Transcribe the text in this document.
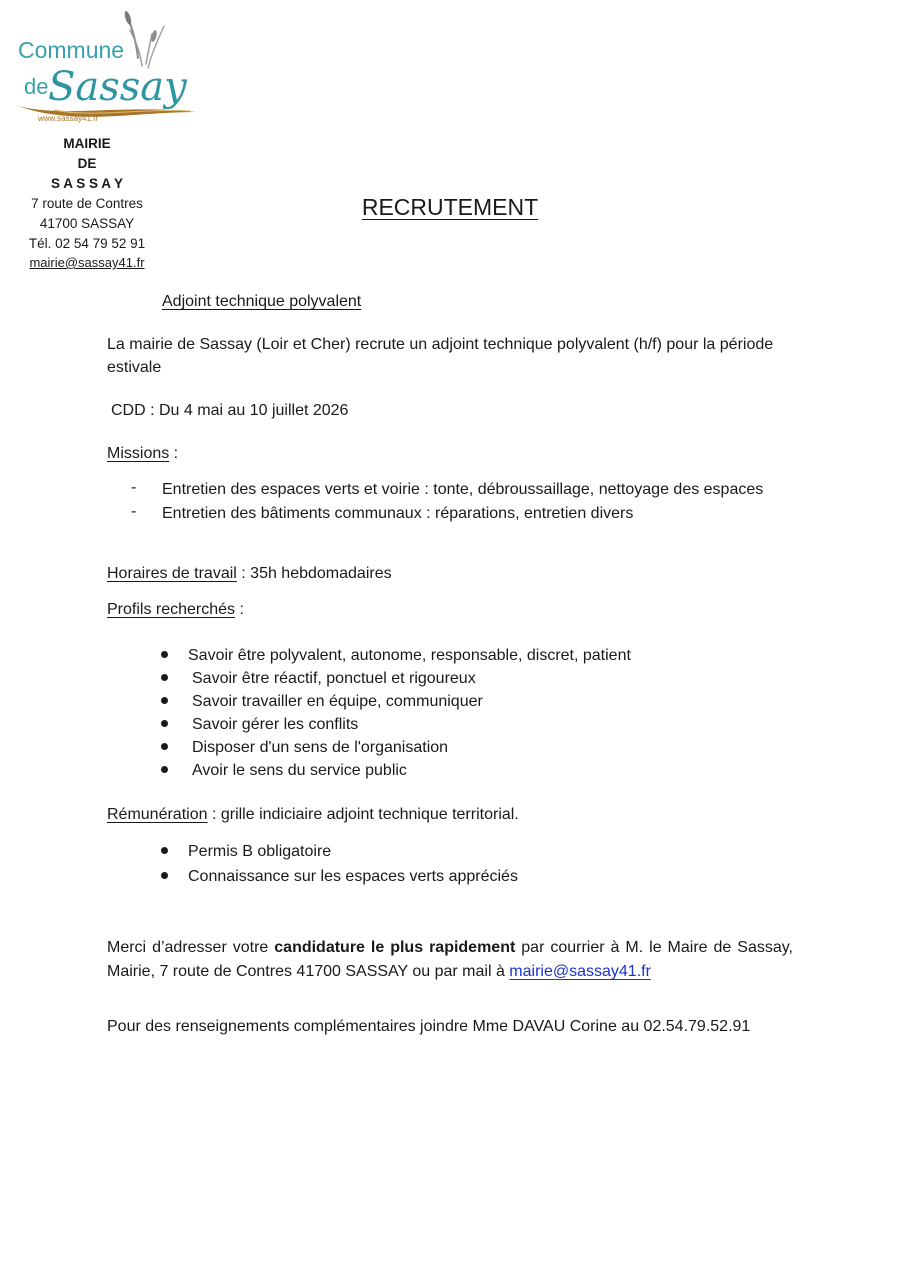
Commune
de Sassay
www.sassay41.fr
MAIRIE
DE
S A S S A Y
7 route de Contres
41700 SASSAY
Tél. 02 54 79 52 91
mairie@sassay41.fr
RECRUTEMENT
Adjoint technique polyvalent
La mairie de Sassay (Loir et Cher) recrute un adjoint technique polyvalent (h/f) pour la période
estivale
CDD : Du 4 mai au 10 juillet 2026
Missions :
- Entretien des espaces verts et voirie : tonte, débroussaillage, nettoyage des espaces
- Entretien des bâtiments communaux : réparations, entretien divers
Horaires de travail : 35h hebdomadaires
Profils recherchés :
Savoir être polyvalent, autonome, responsable, discret, patient
Savoir être réactif, ponctuel et rigoureux
Savoir travailler en équipe, communiquer
Savoir gérer les conflits
Disposer d'un sens de l'organisation
Avoir le sens du service public
Rémunération : grille indiciaire adjoint technique territorial.
Permis B obligatoire
Connaissance sur les espaces verts appréciés
Merci d’adresser votre candidature le plus rapidement par courrier à M. le Maire de Sassay, Mairie, 7 route de Contres 41700 SASSAY ou par mail à mairie@sassay41.fr
Pour des renseignements complémentaires joindre Mme DAVAU Corine au 02.54.79.52.91
